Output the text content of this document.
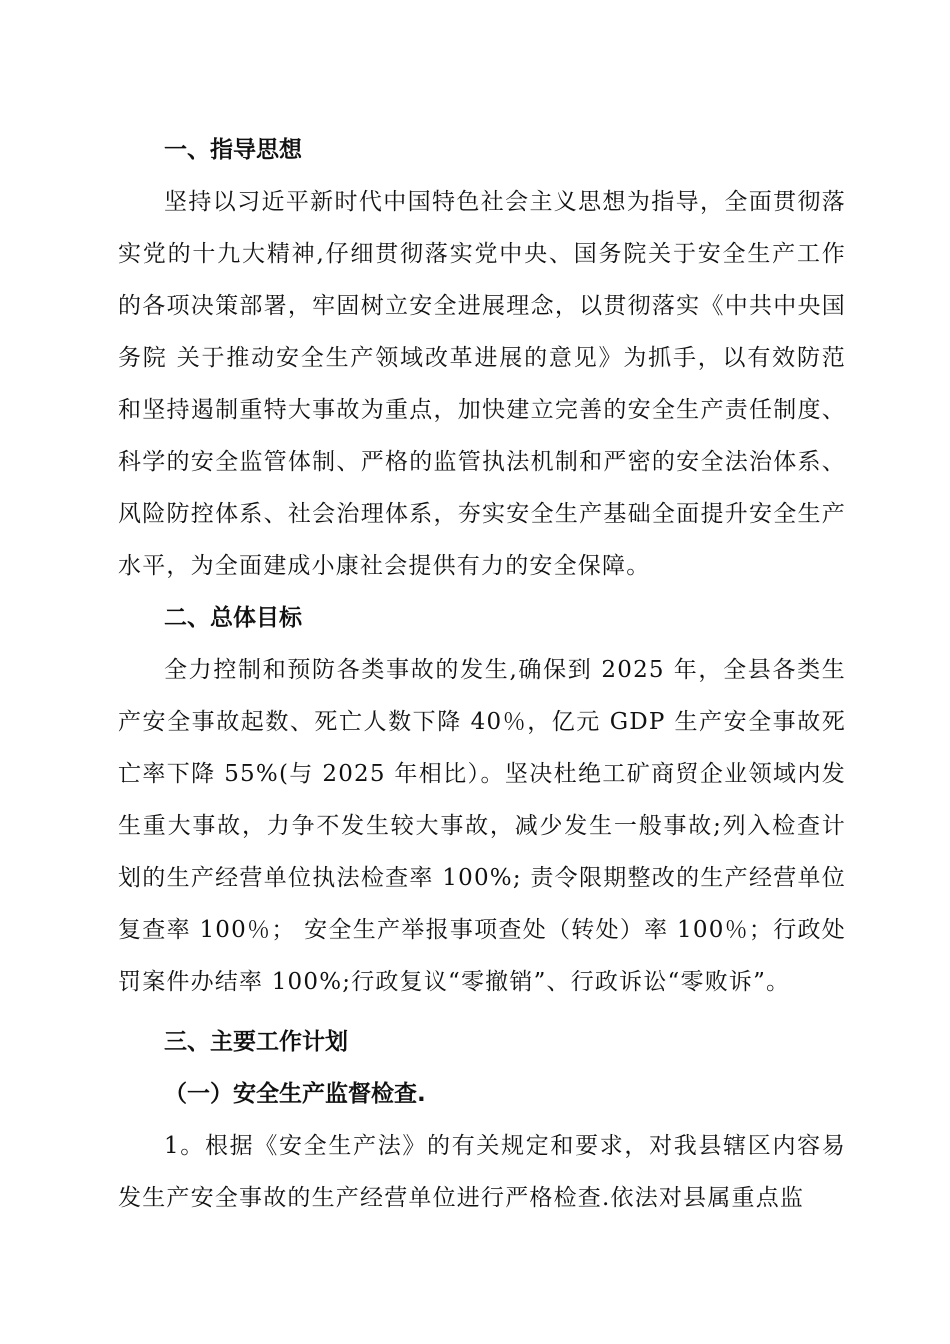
一、指导思想

坚持以习近平新时代中国特色社会主义思想为指导，全面贯彻落实党的十九大精神,仔细贯彻落实党中央、国务院关于安全生产工作的各项决策部署，牢固树立安全进展理念，以贯彻落实《中共中央国务院 关于推动安全生产领域改革进展的意见》为抓手，以有效防范和坚持遏制重特大事故为重点，加快建立完善的安全生产责任制度、科学的安全监管体制、严格的监管执法机制和严密的安全法治体系、风险防控体系、社会治理体系，夯实安全生产基础全面提升安全生产水平，为全面建成小康社会提供有力的安全保障。

二、总体目标

全力控制和预防各类事故的发生,确保到 2025 年，全县各类生产安全事故起数、死亡人数下降 40％，亿元 GDP 生产安全事故死亡率下降 55%(与 2025 年相比）。坚决杜绝工矿商贸企业领域内发生重大事故，力争不发生较大事故，减少发生一般事故;列入检查计划的生产经营单位执法检查率 100%; 责令限期整改的生产经营单位复查率 100％； 安全生产举报事项查处（转处）率 100％；行政处罚案件办结率 100%;行政复议“零撤销”、行政诉讼“零败诉”。

三、主要工作计划
（一）安全生产监督检查.

1。根据《安全生产法》的有关规定和要求，对我县辖区内容易发生产安全事故的生产经营单位进行严格检查.依法对县属重点监
